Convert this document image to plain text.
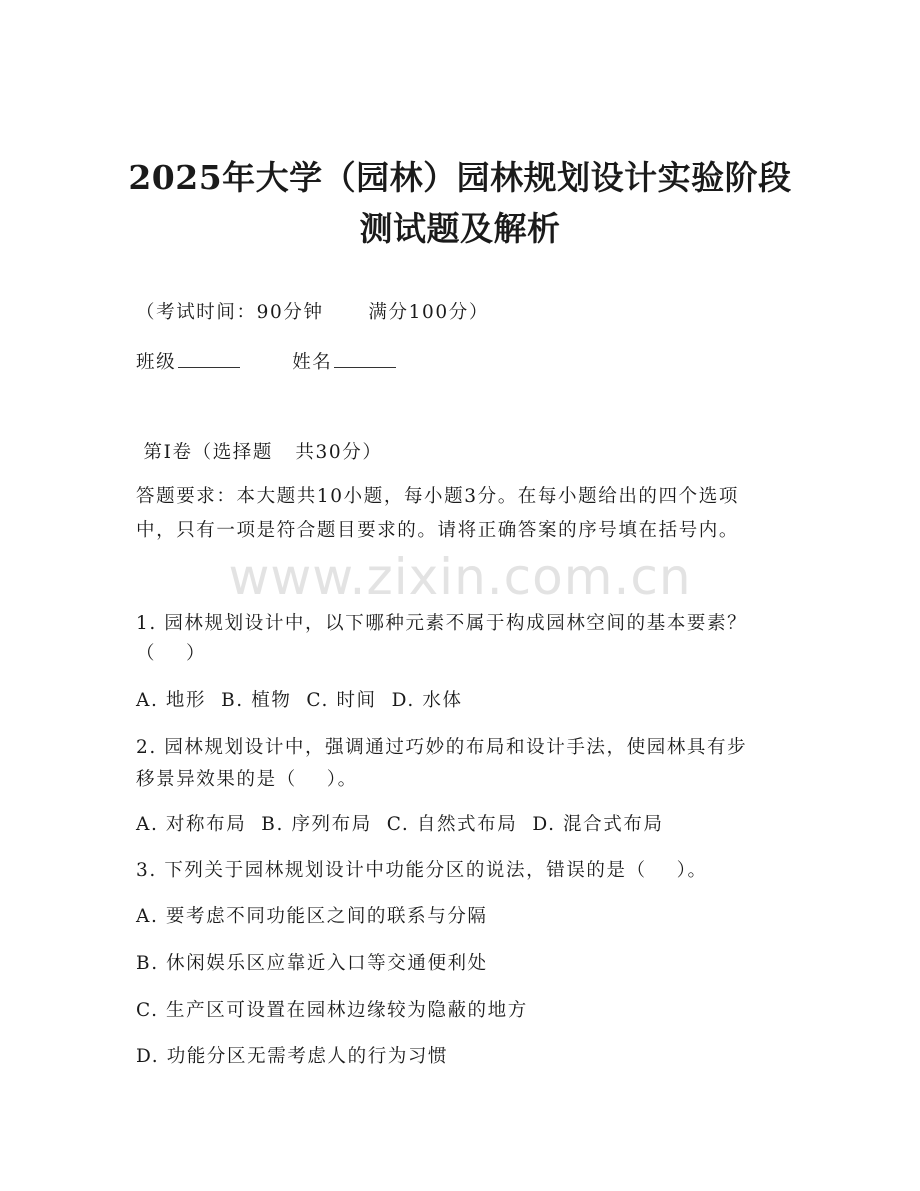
2025年大学（园林）园林规划设计实验阶段
测试题及解析
（考试时间：90分钟      满分100分）
班级	姓名
第Ⅰ卷（选择题   共30分）
答题要求：本大题共10小题，每小题3分。在每小题给出的四个选项
中，只有一项是符合题目要求的。请将正确答案的序号填在括号内。
www.zixin.com.cn
1. 园林规划设计中，以下哪种元素不属于构成园林空间的基本要素？
（    ）
A. 地形  B. 植物  C. 时间  D. 水体
2. 园林规划设计中，强调通过巧妙的布局和设计手法，使园林具有步
移景异效果的是（    ）。
A. 对称布局  B. 序列布局  C. 自然式布局  D. 混合式布局
3. 下列关于园林规划设计中功能分区的说法，错误的是（    ）。
A. 要考虑不同功能区之间的联系与分隔
B. 休闲娱乐区应靠近入口等交通便利处
C. 生产区可设置在园林边缘较为隐蔽的地方
D. 功能分区无需考虑人的行为习惯
